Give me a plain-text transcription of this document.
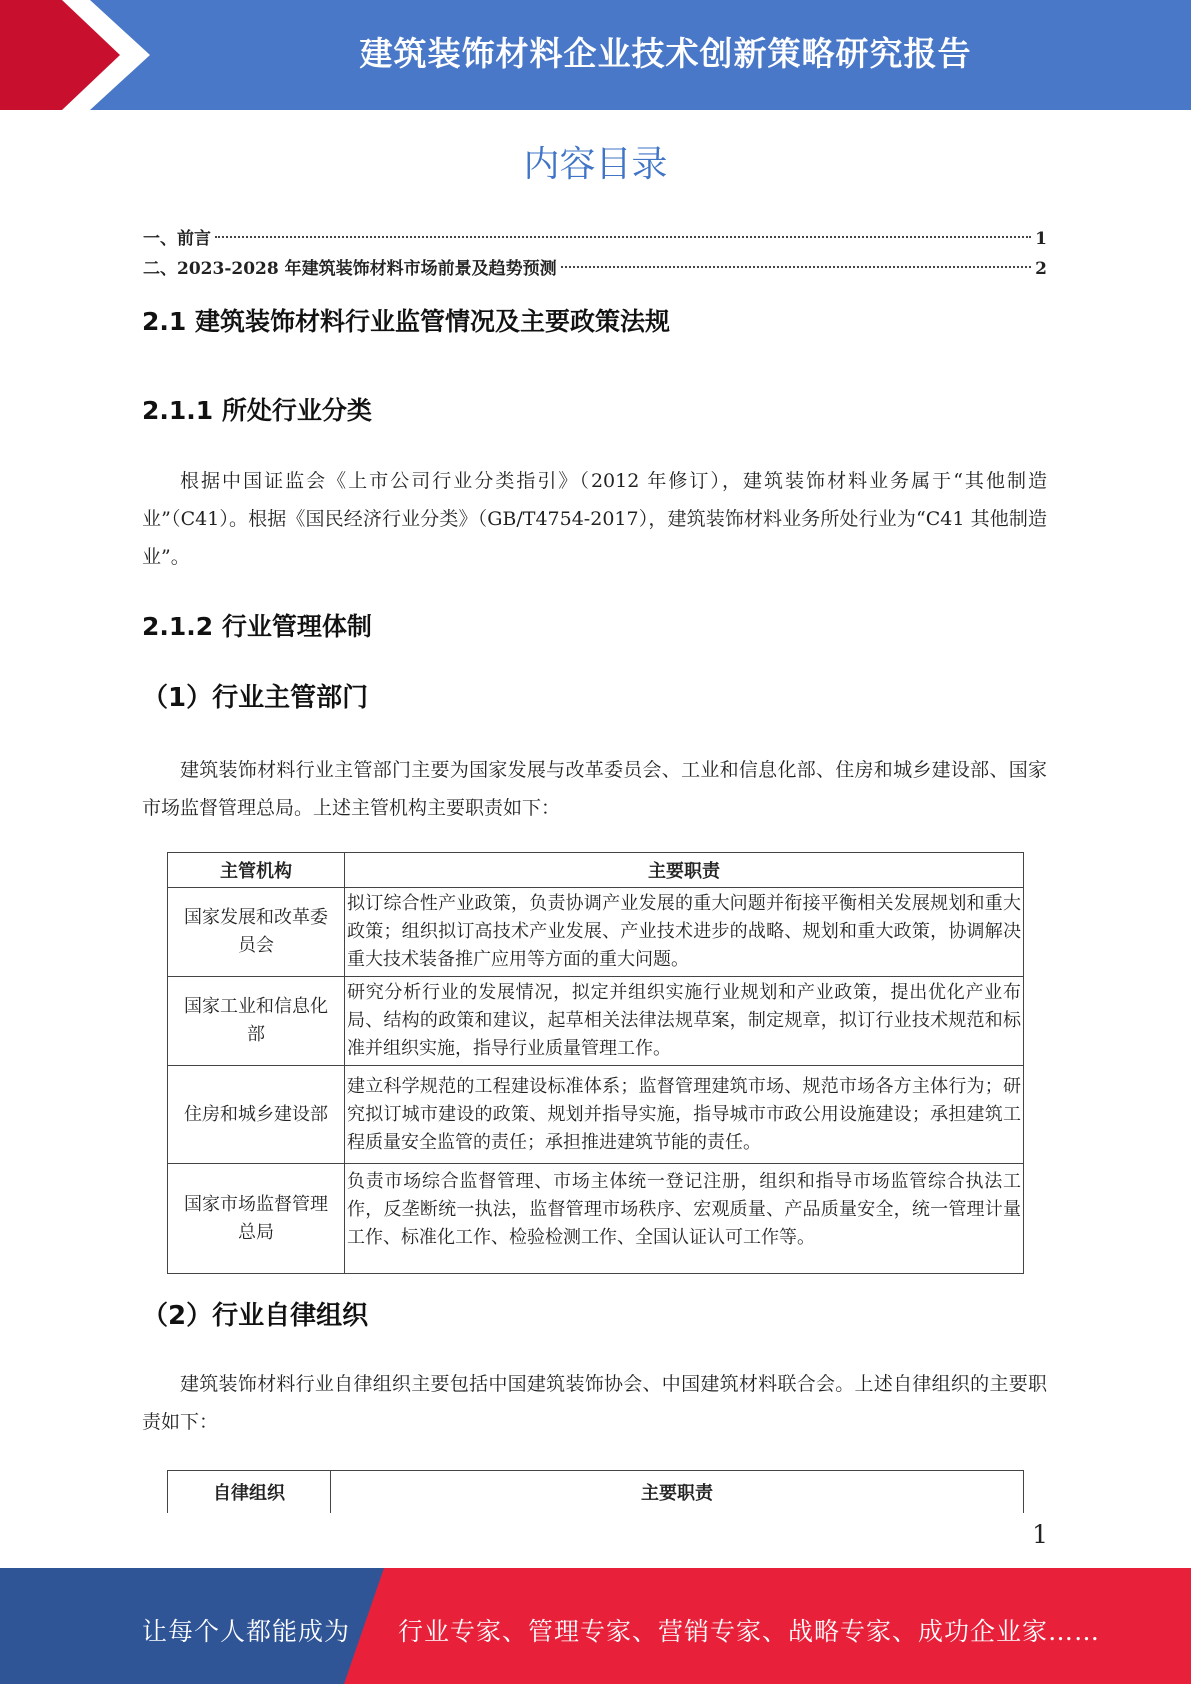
建筑装饰材料企业技术创新策略研究报告
内容目录
一、前言	1
二、2023-2028 年建筑装饰材料市场前景及趋势预测	2
2.1 建筑装饰材料行业监管情况及主要政策法规
2.1.1 所处行业分类

根据中国证监会《上市公司行业分类指引》（2012 年修订），建筑装饰材料业务属于“其他制造业”（C41）。根据《国民经济行业分类》（GB/T4754-2017），建筑装饰材料业务所处行业为“C41 其他制造业”。

2.1.2 行业管理体制
（1）行业主管部门

建筑装饰材料行业主管部门主要为国家发展与改革委员会、工业和信息化部、住房和城乡建设部、国家市场监督管理总局。上述主管机构主要职责如下：

主管机构	主要职责
国家发展和改革委员会	拟订综合性产业政策，负责协调产业发展的重大问题并衔接平衡相关发展规划和重大政策；组织拟订高技术产业发展、产业技术进步的战略、规划和重大政策，协调解决重大技术装备推广应用等方面的重大问题。
国家工业和信息化部	研究分析行业的发展情况，拟定并组织实施行业规划和产业政策，提出优化产业布局、结构的政策和建议，起草相关法律法规草案，制定规章，拟订行业技术规范和标准并组织实施，指导行业质量管理工作。
住房和城乡建设部	建立科学规范的工程建设标准体系；监督管理建筑市场、规范市场各方主体行为；研究拟订城市建设的政策、规划并指导实施，指导城市市政公用设施建设；承担建筑工程质量安全监管的责任；承担推进建筑节能的责任。
国家市场监督管理总局	负责市场综合监督管理、市场主体统一登记注册，组织和指导市场监管综合执法工作，反垄断统一执法，监督管理市场秩序、宏观质量、产品质量安全，统一管理计量工作、标准化工作、检验检测工作、全国认证认可工作等。
（2）行业自律组织

建筑装饰材料行业自律组织主要包括中国建筑装饰协会、中国建筑材料联合会。上述自律组织的主要职责如下：

自律组织	主要职责
1
让每个人都能成为 行业专家、管理专家、营销专家、战略专家、成功企业家……
